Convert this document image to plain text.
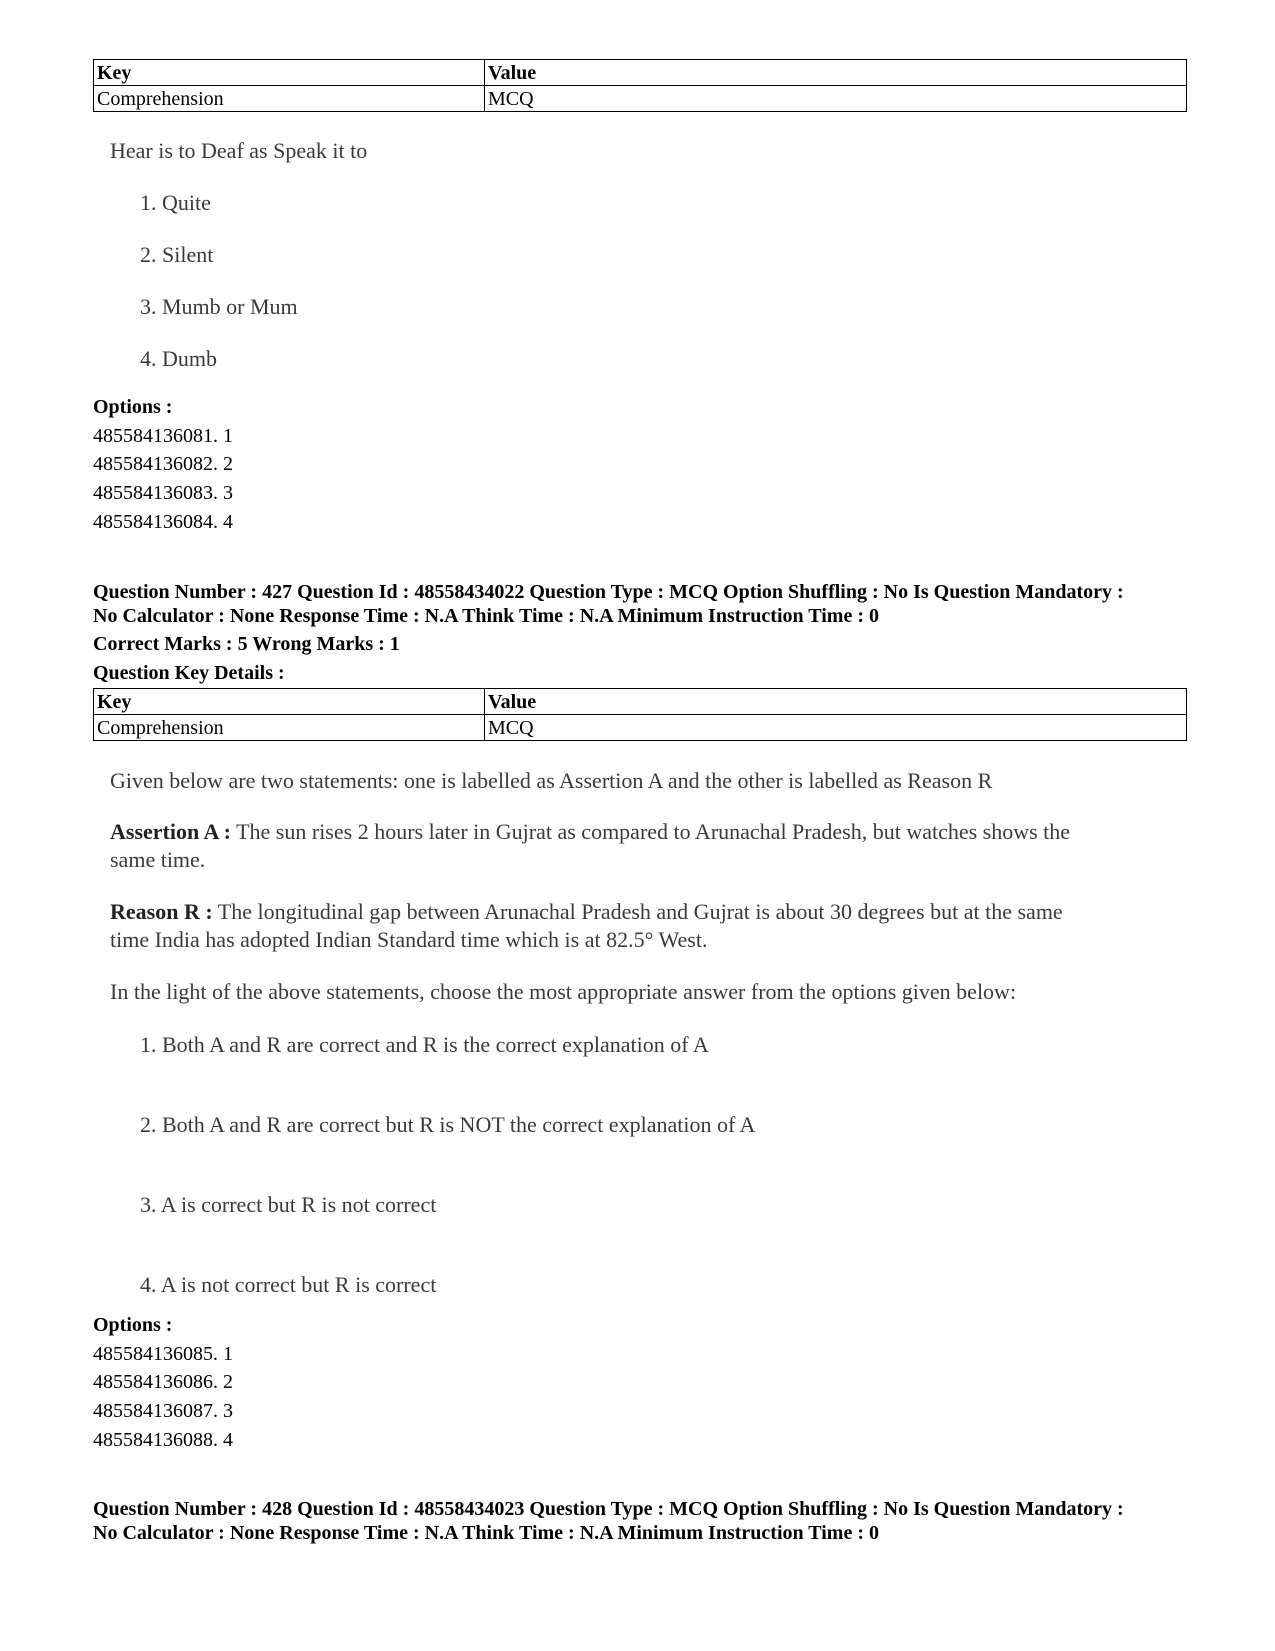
Key	Value
Comprehension	MCQ
Hear is to Deaf as Speak it to
1. Quite
2. Silent
3. Mumb or Mum
4. Dumb
Options :
485584136081. 1
485584136082. 2
485584136083. 3
485584136084. 4
Question Number : 427 Question Id : 48558434022 Question Type : MCQ Option Shuffling : No Is Question Mandatory :
No Calculator : None Response Time : N.A Think Time : N.A Minimum Instruction Time : 0
Correct Marks : 5 Wrong Marks : 1
Question Key Details :
Key	Value
Comprehension	MCQ
Given below are two statements: one is labelled as Assertion A and the other is labelled as Reason R
Assertion A : The sun rises 2 hours later in Gujrat as compared to Arunachal Pradesh, but watches shows the
same time.
Reason R : The longitudinal gap between Arunachal Pradesh and Gujrat is about 30 degrees but at the same
time India has adopted Indian Standard time which is at 82.5° West.
In the light of the above statements, choose the most appropriate answer from the options given below:
1. Both A and R are correct and R is the correct explanation of A
2. Both A and R are correct but R is NOT the correct explanation of A
3. A is correct but R is not correct
4. A is not correct but R is correct
Options :
485584136085. 1
485584136086. 2
485584136087. 3
485584136088. 4
Question Number : 428 Question Id : 48558434023 Question Type : MCQ Option Shuffling : No Is Question Mandatory :
No Calculator : None Response Time : N.A Think Time : N.A Minimum Instruction Time : 0
